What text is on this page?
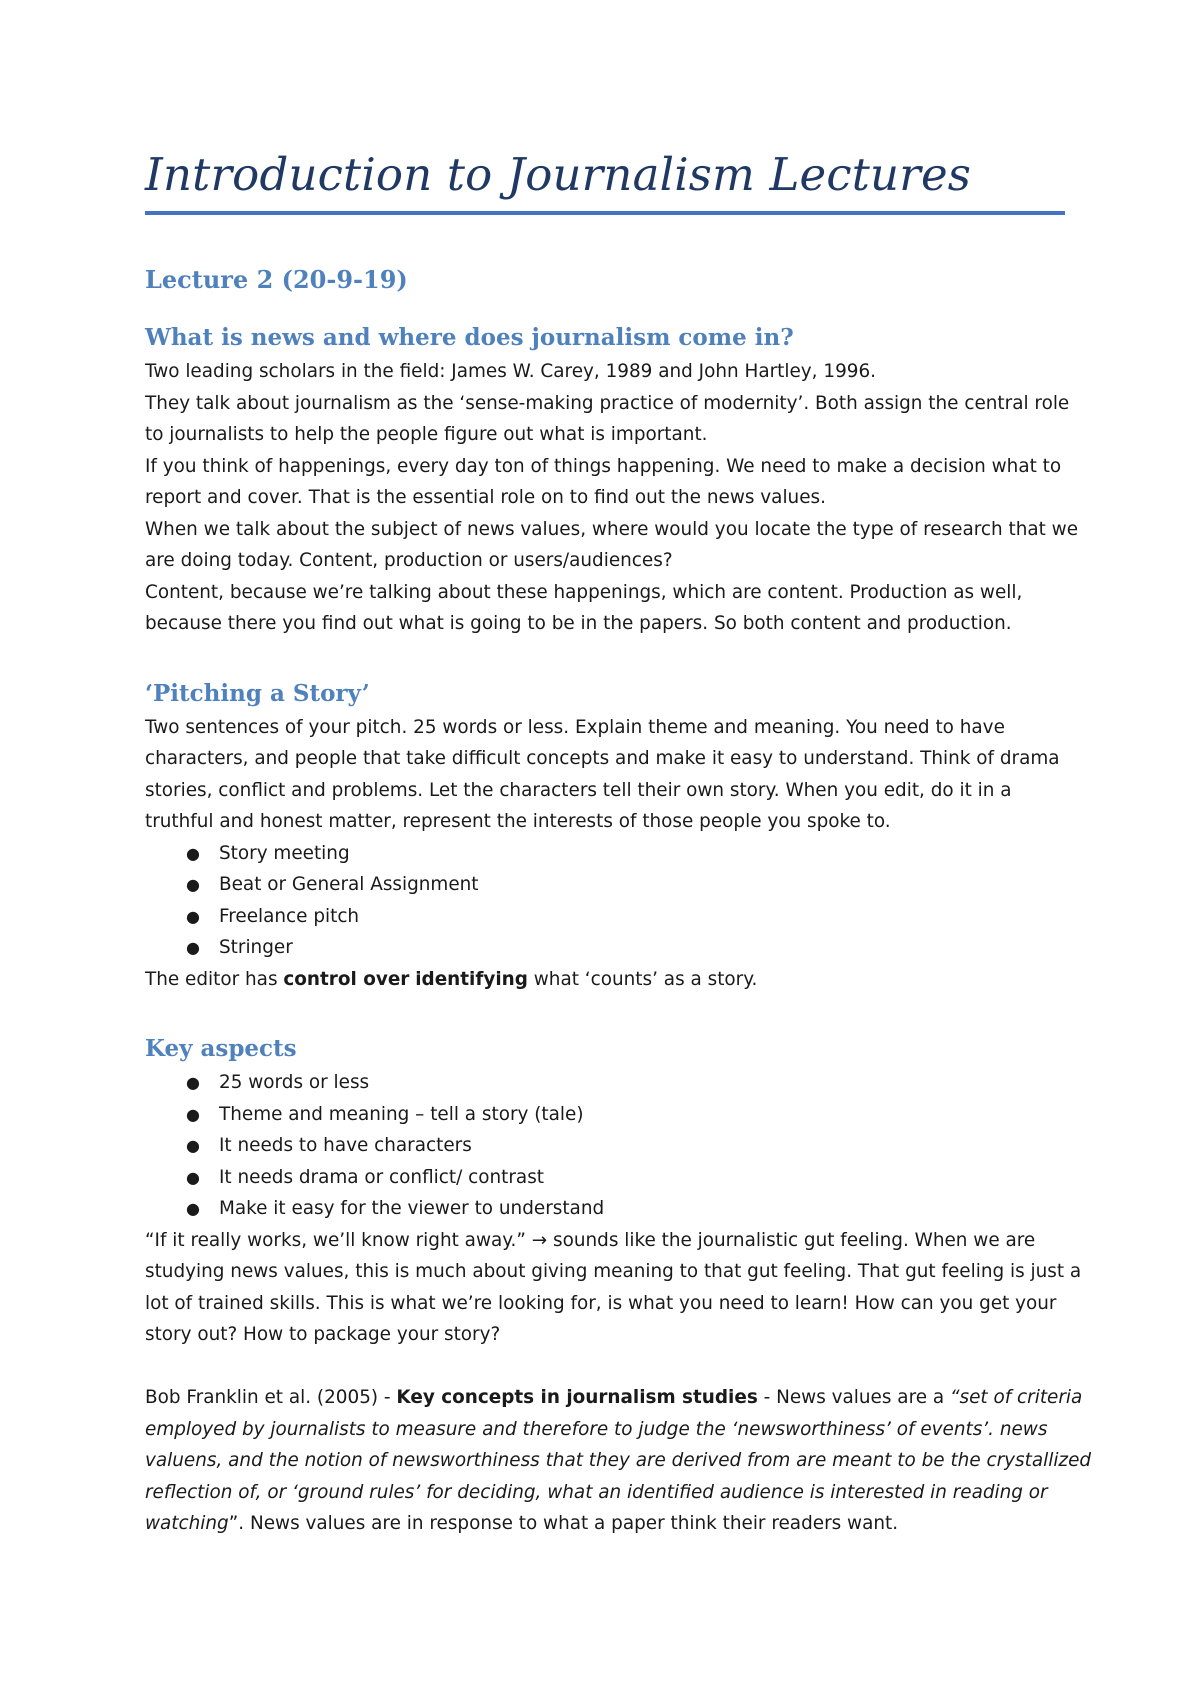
Introduction to Journalism Lectures
Lecture 2 (20-9-19)
What is news and where does journalism come in?

Two leading scholars in the field: James W. Carey, 1989 and John Hartley, 1996.

They talk about journalism as the ‘sense-making practice of modernity’. Both assign the central role

to journalists to help the people figure out what is important.

If you think of happenings, every day ton of things happening. We need to make a decision what to

report and cover. That is the essential role on to find out the news values.

When we talk about the subject of news values, where would you locate the type of research that we

are doing today. Content, production or users/audiences?

Content, because we’re talking about these happenings, which are content. Production as well,

because there you find out what is going to be in the papers. So both content and production.

‘Pitching a Story’

Two sentences of your pitch. 25 words or less. Explain theme and meaning. You need to have

characters, and people that take difficult concepts and make it easy to understand. Think of drama

stories, conflict and problems. Let the characters tell their own story. When you edit, do it in a

truthful and honest matter, represent the interests of those people you spoke to.

● Story meeting
● Beat or General Assignment
● Freelance pitch
● Stringer

The editor has control over identifying what ‘counts’ as a story.

Key aspects
● 25 words or less
● Theme and meaning – tell a story (tale)
● It needs to have characters
● It needs drama or conflict/ contrast
● Make it easy for the viewer to understand

“If it really works, we’ll know right away.” → sounds like the journalistic gut feeling. When we are

studying news values, this is much about giving meaning to that gut feeling. That gut feeling is just a

lot of trained skills. This is what we’re looking for, is what you need to learn! How can you get your

story out? How to package your story?

Bob Franklin et al. (2005) - Key concepts in journalism studies - News values are a “set of criteria

employed by journalists to measure and therefore to judge the ‘newsworthiness’ of events’. news

valuens, and the notion of newsworthiness that they are derived from are meant to be the crystallized

reflection of, or ‘ground rules’ for deciding, what an identified audience is interested in reading or

watching”. News values are in response to what a paper think their readers want.
